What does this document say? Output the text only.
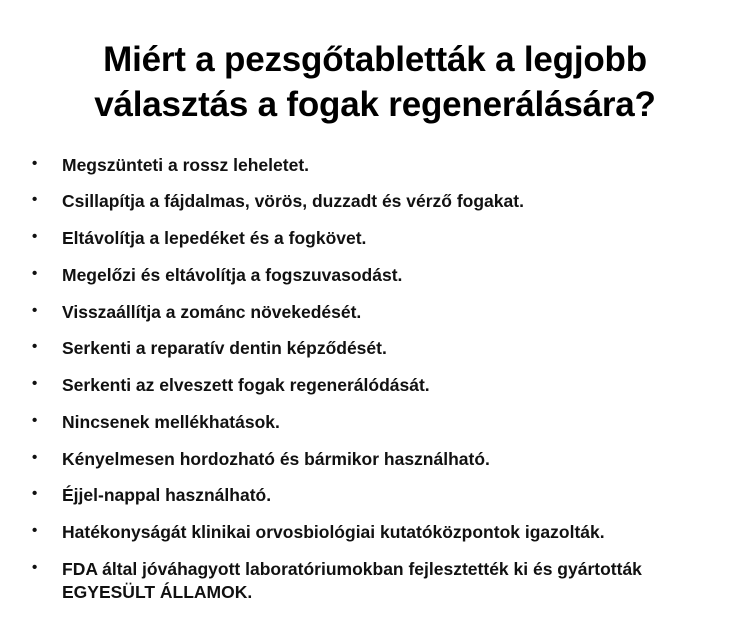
Miért a pezsgőtabletták a legjobb
választás a fogak regenerálására?
• Megszünteti a rossz leheletet.
• Csillapítja a fájdalmas, vörös, duzzadt és vérző fogakat.
• Eltávolítja a lepedéket és a fogkövet.
• Megelőzi és eltávolítja a fogszuvasodást.
• Visszaállítja a zománc növekedését.
• Serkenti a reparatív dentin képződését.
• Serkenti az elveszett fogak regenerálódását.
• Nincsenek mellékhatások.
• Kényelmesen hordozható és bármikor használható.
• Éjjel-nappal használható.
• Hatékonyságát klinikai orvosbiológiai kutatóközpontok igazolták.
• FDA által jóváhagyott laboratóriumokban fejlesztették ki és gyártották
EGYESÜLT ÁLLAMOK.
